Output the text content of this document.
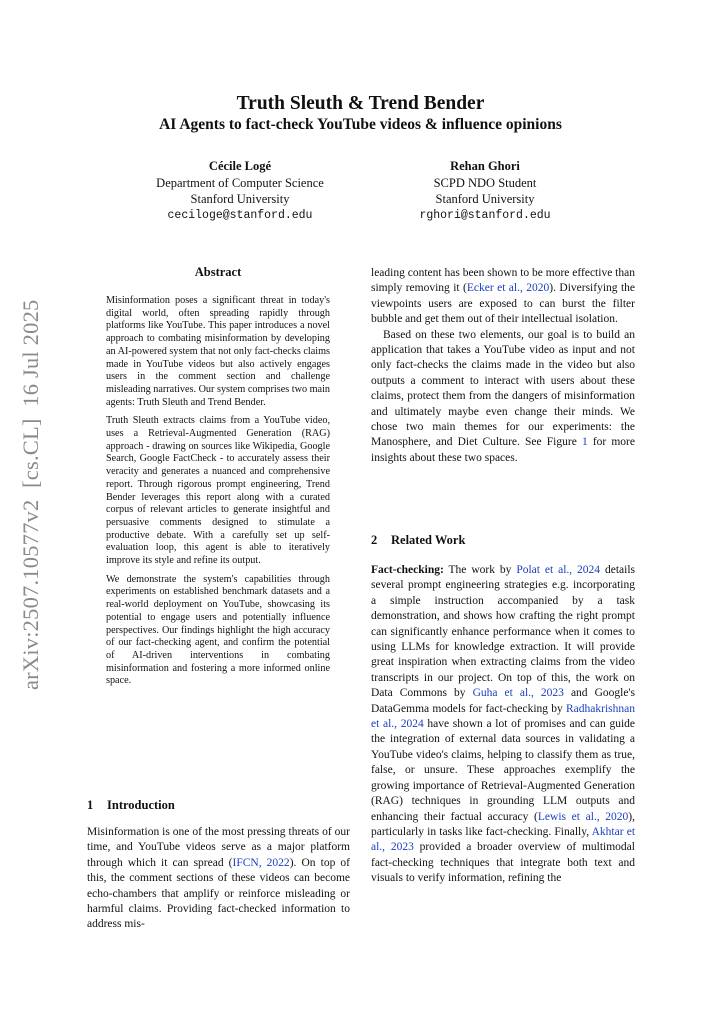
Truth Sleuth & Trend Bender
AI Agents to fact-check YouTube videos & influence opinions
Cécile Logé
Department of Computer Science
Stanford University
ceciloge@stanford.edu
Rehan Ghori
SCPD NDO Student
Stanford University
rghori@stanford.edu
arXiv:2507.10577v2  [cs.CL]  16 Jul 2025
Abstract

Misinformation poses a significant threat in today's digital world, often spreading rapidly through platforms like YouTube. This paper introduces a novel approach to combating misinformation by developing an AI-powered system that not only fact-checks claims made in YouTube videos but also actively engages users in the comment section and challenge misleading narratives. Our system comprises two main agents: Truth Sleuth and Trend Bender.

Truth Sleuth extracts claims from a YouTube video, uses a Retrieval-Augmented Generation (RAG) approach - drawing on sources like Wikipedia, Google Search, Google FactCheck - to accurately assess their veracity and generates a nuanced and comprehensive report. Through rigorous prompt engineering, Trend Bender leverages this report along with a curated corpus of relevant articles to generate insightful and persuasive comments designed to stimulate a productive debate. With a carefully set up self-evaluation loop, this agent is able to iteratively improve its style and refine its output.

We demonstrate the system's capabilities through experiments on established benchmark datasets and a real-world deployment on YouTube, showcasing its potential to engage users and potentially influence perspectives. Our findings highlight the high accuracy of our fact-checking agent, and confirm the potential of AI-driven interventions in combating misinformation and fostering a more informed online space.

1 Introduction
Misinformation is one of the most pressing threats of our time, and YouTube videos serve as a major platform through which it can spread (IFCN, 2022). On top of this, the comment sections of these videos can become echo-chambers that amplify or reinforce misleading or harmful claims. Providing fact-checked information to address mis-

leading content has been shown to be more effective than simply removing it (Ecker et al., 2020). Diversifying the viewpoints users are exposed to can burst the filter bubble and get them out of their intellectual isolation.

Based on these two elements, our goal is to build an application that takes a YouTube video as input and not only fact-checks the claims made in the video but also outputs a comment to interact with users about these claims, protect them from the dangers of misinformation and ultimately maybe even change their minds. We chose two main themes for our experiments: the Manosphere, and Diet Culture. See Figure 1 for more insights about these two spaces.

2 Related Work
Fact-checking: The work by Polat et al., 2024 details several prompt engineering strategies e.g. incorporating a simple instruction accompanied by a task demonstration, and shows how crafting the right prompt can significantly enhance performance when it comes to using LLMs for knowledge extraction. It will provide great inspiration when extracting claims from the video transcripts in our project. On top of this, the work on Data Commons by Guha et al., 2023 and Google's DataGemma models for fact-checking by Radhakrishnan et al., 2024 have shown a lot of promises and can guide the integration of external data sources in validating a YouTube video's claims, helping to classify them as true, false, or unsure. These approaches exemplify the growing importance of Retrieval-Augmented Generation (RAG) techniques in grounding LLM outputs and enhancing their factual accuracy (Lewis et al., 2020), particularly in tasks like fact-checking. Finally, Akhtar et al., 2023 provided a broader overview of multimodal fact-checking techniques that integrate both text and visuals to verify information, refining the
